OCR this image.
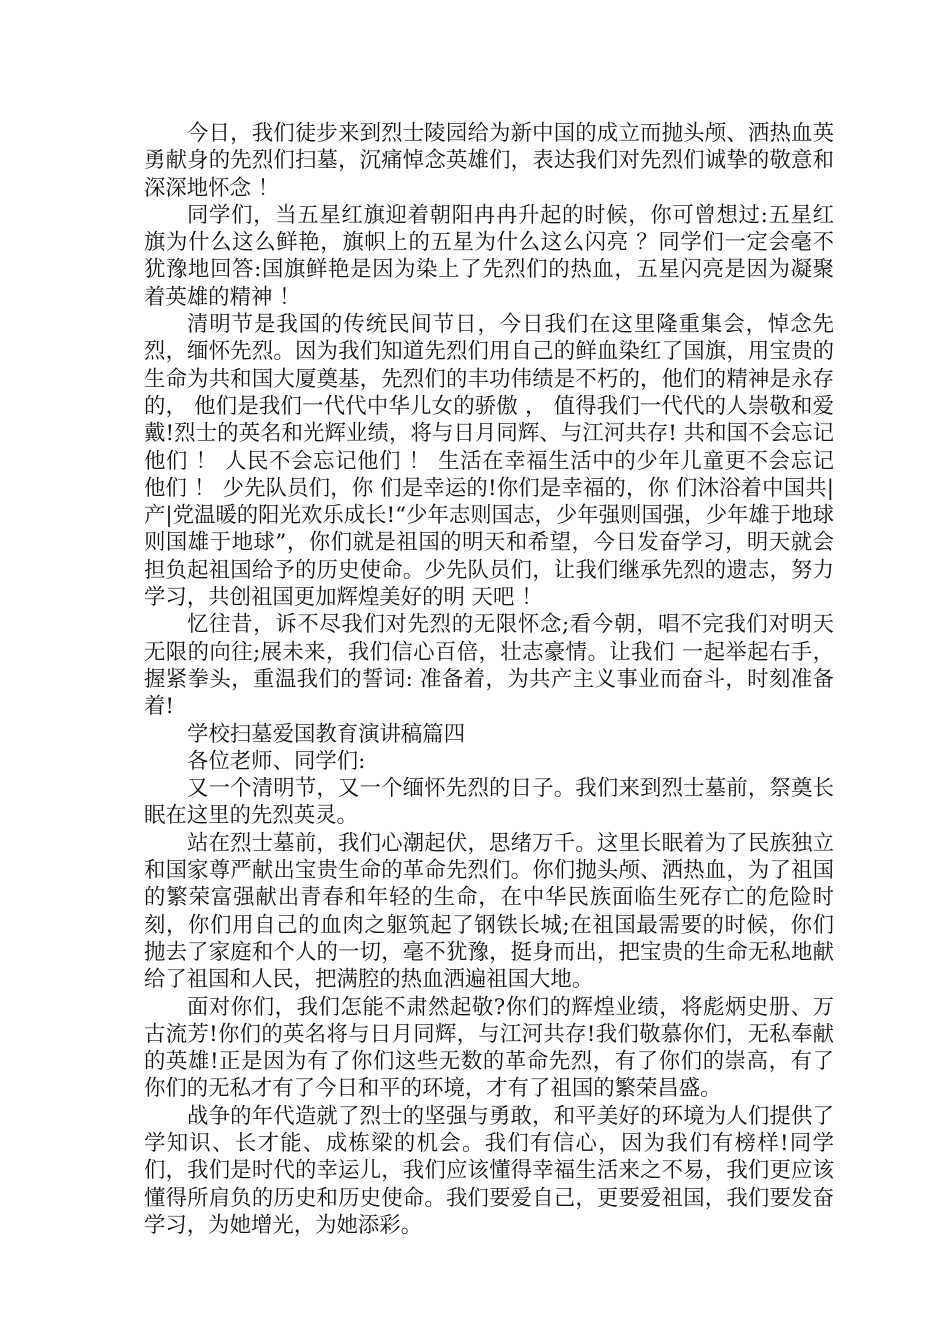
今日，我们徒步来到烈士陵园给为新中国的成立而抛头颅、洒热血英勇献身的先烈们扫墓，沉痛悼念英雄们，表达我们对先烈们诚挚的敬意和深深地怀念 ！

同学们，当五星红旗迎着朝阳冉冉升起的时候，你可曾想过:五星红旗为什么这么鲜艳，旗帜上的五星为什么这么闪亮 ？同学们一定会毫不犹豫地回答:国旗鲜艳是因为染上了先烈们的热血，五星闪亮是因为凝聚着英雄的精神 ！

清明节是我国的传统民间节日，今日我们在这里隆重集会，悼念先烈，缅怀先烈。因为我们知道先烈们用自己的鲜血染红了国旗，用宝贵的生命为共和国大厦奠基，先烈们的丰功伟绩是不朽的，他们的精神是永存的， 他们是我们一代代中华儿女的骄傲 ， 值得我们一代代的人崇敬和爱戴!烈士的英名和光辉业绩，将与日月同辉、与江河共存! 共和国不会忘记他们 ！ 人民不会忘记他们 ！ 生活在幸福生活中的少年儿童更不会忘记他们 ！ 少先队员们，你 们是幸运的!你们是幸福的，你 们沐浴着中国共|产|党温暖的阳光欢乐成长!“少年志则国志，少年强则国强，少年雄于地球则国雄于地球”，你们就是祖国的明天和希望，今日发奋学习，明天就会担负起祖国给予的历史使命。少先队员们，让我们继承先烈的遗志，努力学习，共创祖国更加辉煌美好的明 天吧 ！

忆往昔，诉不尽我们对先烈的无限怀念;看今朝，唱不完我们对明天无限的向往;展未来，我们信心百倍，壮志豪情。让我们 一起举起右手，握紧拳头，重温我们的誓词: 准备着，为共产主义事业而奋斗，时刻准备着!

学校扫墓爱国教育演讲稿篇四

各位老师、同学们:

又一个清明节，又一个缅怀先烈的日子。我们来到烈士墓前，祭奠长眠在这里的先烈英灵。

站在烈士墓前，我们心潮起伏，思绪万千。这里长眠着为了民族独立和国家尊严献出宝贵生命的革命先烈们。你们抛头颅、洒热血，为了祖国的繁荣富强献出青春和年轻的生命，在中华民族面临生死存亡的危险时刻，你们用自己的血肉之躯筑起了钢铁长城;在祖国最需要的时候，你们抛去了家庭和个人的一切，毫不犹豫，挺身而出，把宝贵的生命无私地献给了祖国和人民，把满腔的热血洒遍祖国大地。

面对你们，我们怎能不肃然起敬?你们的辉煌业绩，将彪炳史册、万古流芳!你们的英名将与日月同辉，与江河共存!我们敬慕你们，无私奉献的英雄!正是因为有了你们这些无数的革命先烈，有了你们的崇高，有了你们的无私才有了今日和平的环境，才有了祖国的繁荣昌盛。

战争的年代造就了烈士的坚强与勇敢，和平美好的环境为人们提供了学知识、长才能、成栋梁的机会。我们有信心，因为我们有榜样!同学们，我们是时代的幸运儿，我们应该懂得幸福生活来之不易，我们更应该懂得所肩负的历史和历史使命。我们要爱自己，更要爱祖国，我们要发奋学习，为她增光，为她添彩。
